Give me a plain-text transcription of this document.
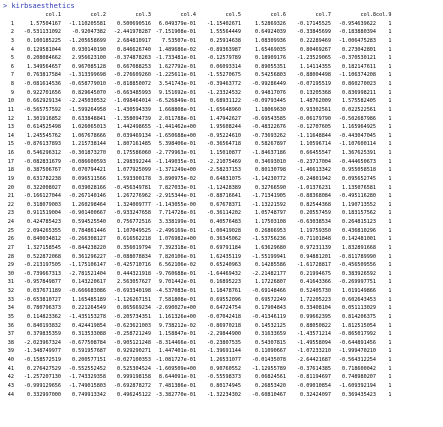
> kirbsaesthetics
	col.1	col.2	col.3	col.4	col.5	col.6	col.7	col.8	col.9
1	1.57504167	-1.110205581	0.500690516	6.049379e-01	-1.15402671	1.52869326	-0.17145525	-0.954639622	1
2	-0.531131092	-0.92047382	-2.441978287	-7.151908e-01	1.55564449	0.64924039	-0.33845699	-0.183880394	1
3	0.100185225	-1.205658699	2.684810917	7.53507e-01	0.25914638	1.08309936	0.22289469	-1.006475283	1
4	0.129581044	0.930140190	0.846626740	1.489686e-02	-0.89363987	1.65469035	0.80469267	0.273042801	1
5	0.208084662	2.956623100	-0.374878263	-1.733481e-01	-0.12579789	0.18909176	-1.23529065	-0.370530121	1
6	1.349564657	0.967085128	0.667088253	1.627792e-01	0.06093314	0.89055351	1.14114355	0.182147611	1
7	0.763817584	-1.313399698	-0.276609260	-1.225611e-01	-1.55270675	0.54256803	-0.88004498	-1.106374208	1
8	-0.081614536	-0.658779010	-0.818850072	3.541743e-01	-0.39463772	-0.99286449	-0.07195519	0.860270023	1
9	0.922701656	0.829645070	-0.663485993	9.151692e-01	-1.23324532	0.94817076	0.13205368	0.836998211	1
10	0.662929134	-2.245030532	-1.098464014	-6.526849e-01	0.68931122	-0.09793445	1.48762009	1.575582405	1
11	-0.565757592	-1.599264958	-1.430594339	1.668808e-01	-1.65648960	1.18069630	0.93302561	0.022522561	1
12	1.301916852	0.633848841	-1.358094739	2.011788e-01	1.47942627	-0.69543585	-0.06179790	-0.502687986	1
13	0.614525498	1.026065013	1.442498655	-1.441462e+00	1.95608244	-0.48322676	-0.12707605	1.165964925	1
14	1.245545762	1.067678666	0.039469134	-1.650688e+00	-0.95224610	-0.73693262	-1.11648844	-0.443047045	1
15	-0.876137893	1.215738144	1.807161485	5.398406e-01	-0.36564718	0.58267897	1.10596714	-1.107600114	1
16	0.546296312	-0.301873270	0.175586060	-2.779963e-01	1.15010877	-1.84637186	0.66455547	1.367625391	1
17	-0.082831679	-0.086600593	1.298392244	-1.149035e-01	-2.21075469	0.34693010	-0.23717004	-0.444650673	1
18	0.387506767	0.070794421	1.077925099	-1.371249e+00	-2.58237153	0.80130798	-1.46613342	0.955058518	1
19	0.631782238	0.096511566	1.593300178	3.890975e-02	0.64831075	-1.14230772	-0.24801942	0.095652745	1
20	0.322008027	0.039028166	-0.456349781	7.827033e-01	-1.12428389	0.32766590	-1.01376231	1.135076581	1
21	-0.166127044	-0.267140146	1.267276962	-2.915344e-01	-0.88716641	-1.71341905	-0.88368084	-0.495116280	1
22	0.318079003	1.260298464	1.324009777	-1.143055e-00	0.67678371	-1.13221592	0.82544368	1.190713552	1
23	0.911519004	-0.901400667	-0.933247658	7.714728e-01	-0.36114202	1.05748797	0.20557459	0.183157562	1
24	0.424785423	0.594525540	0.756772516	3.338199e-01	0.40576483	1.17503108	-0.63038534	0.264815123	1
25	2.094265355	0.784861446	1.107049525	-2.496169e-01	-1.00419028	0.26866953	1.19759350	0.436810296	1
26	0.840034812	-0.266308127	0.616562218	1.076982e+00	0.36345062	-1.53756236	-0.71101848	0.142481001	1
27	1.327158545	-0.844238220	0.356019794	7.392318e-01	0.69791184	1.63629680	0.97231139	1.832891668	1
28	0.522872068	0.361296227	-0.088078834	7.820106e-01	1.62435119	-1.55199941	0.94881201	-0.811789990	1
29	-0.213197505	-1.175106147	-0.425710716	6.562106e-02	0.65240963	0.14285586	-1.61728817	-0.456509556	1
30	-0.739667313	-2.781521404	0.444321918	-9.760688e-01	-1.64469432	-2.21482177	0.21994675	0.383926592	1
31	-0.957849877	0.143220617	2.563057627	9.701442e-01	0.16895223	1.17226807	0.41643366	-0.269997751	1
32	0.037671189	-0.666683086	-0.693340198	-4.537083e-01	1.18478761	-0.69148466	0.52405730	1.019149866	1
33	-0.653810727	1.165485189	-1.126267151	7.581808e-01	0.69552096	0.69572249	1.72205223	0.602643453	1
34	0.780796373	0.221264549	0.865669234	-2.690027e+00	0.64724754	0.17904843	0.33408104	0.051113029	1
35	0.114823362	-1.435153278	-0.205734351	1.161326e+00	-0.07042418	-0.41346119	0.99662395	0.814206375	1
36	0.840193832	0.424419854	-0.623621003	9.738212e-02	-0.86970218	0.14532125	0.88050822	1.812515054	1
37	0.379835359	0.313533088	-0.258721249	1.158847e-01	-2.29844900	0.31633659	-1.43571214	-0.865017992	1
38	-2.023967324	-0.677508784	-0.905121248	-8.314466e-01	-0.23807535	0.54307815	-1.49558094	-0.644891456	1
39	-1.348749977	0.591957687	0.929290271	1.447401e-01	-1.39691144	0.11090667	-1.07233210	-1.999470210	1
40	-0.158572519	0.200577151	-0.027100353	-1.081727e-01	1.26531077	-0.01435078	-2.64421687	-0.564312254	1
41	0.276427529	-0.552552452	0.525304524	-1.609509e+00	0.90760552	-1.12955789	-0.37614385	0.718600042	1
42	-1.257207130	-1.743329358	0.999198158	8.644091e-01	-0.55598373	0.06824561	-0.81194697	0.748980207	1
43	-0.999129656	-1.749015803	-0.692878272	7.481386e-01	0.80174945	0.26853420	-0.09010854	-1.609392194	1
44	0.332997000	0.749913342	0.496245122	-3.382770e-01	-1.32234302	-0.60810467	0.32424097	0.369435423	1
